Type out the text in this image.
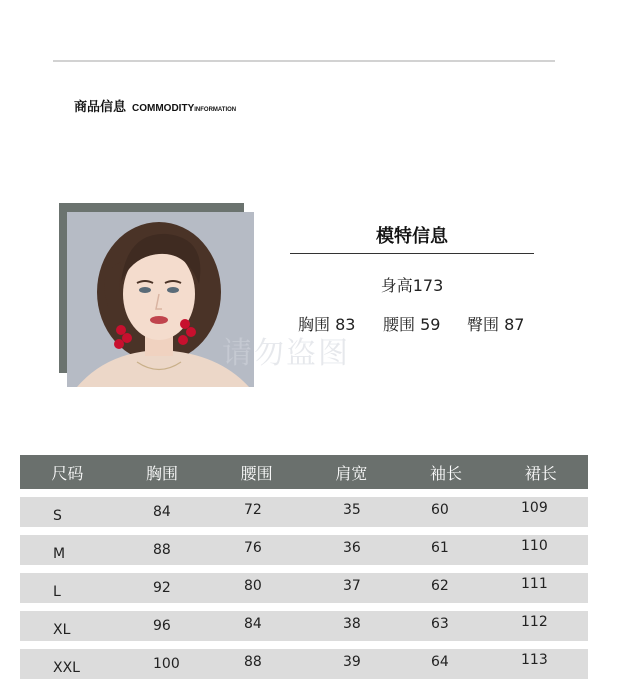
商品信息 COMMODITYINFORMATION
模特信息
身高173
胸围 83 腰围 59 臀围 87
请勿盗图
尺码	胸围	腰围	肩宽	袖长	裙长
S	84	72	35	60	109
M	88	76	36	61	110
L	92	80	37	62	111
XL	96	84	38	63	112
XXL	100	88	39	64	113
